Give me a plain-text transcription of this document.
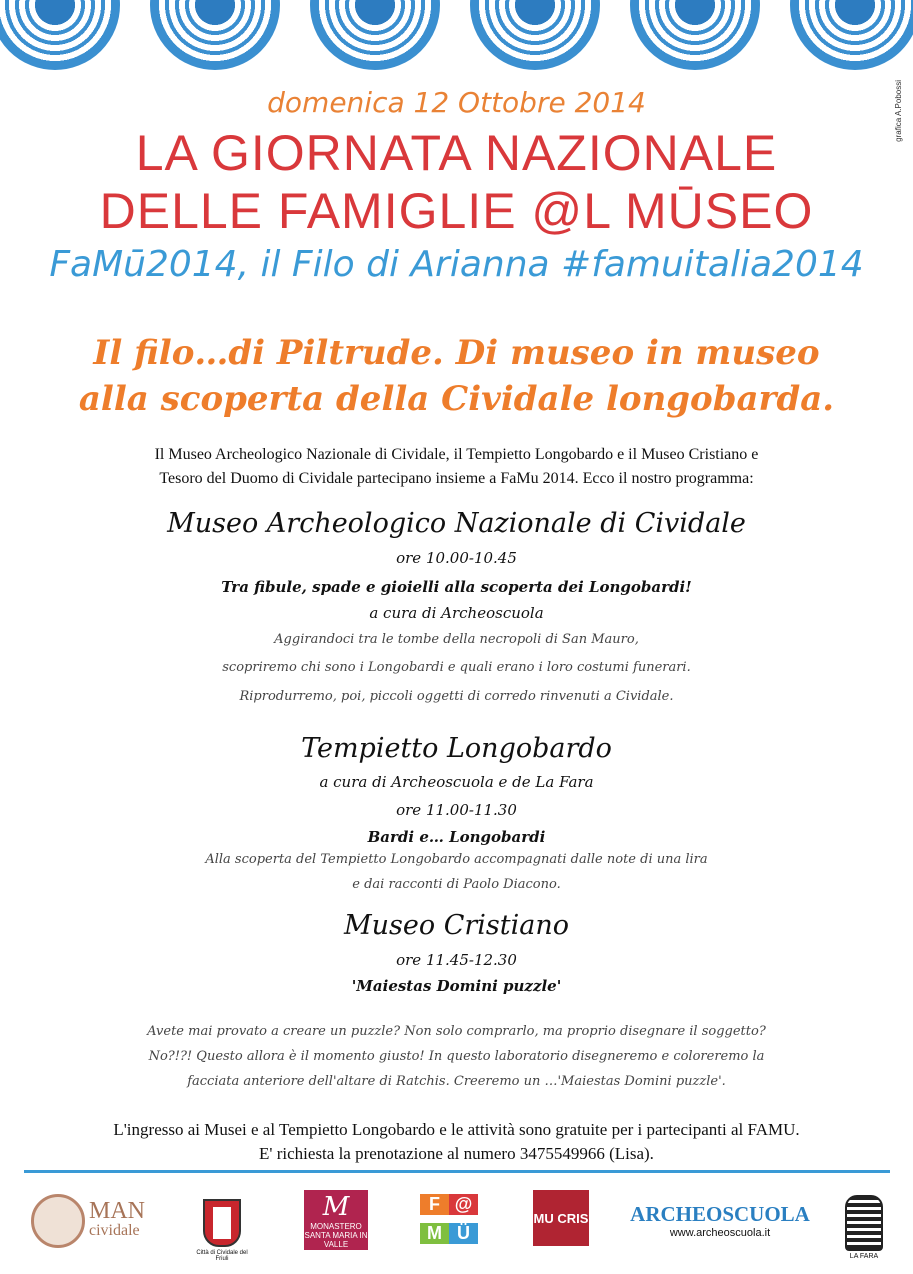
grafica A.Pobossi
domenica 12 Ottobre 2014
LA GIORNATA NAZIONALE
DELLE FAMIGLIE @L MŪSEO
FaMū2014, il Filo di Arianna #famuitalia2014
Il filo…di Piltrude. Di museo in museo
alla scoperta della Cividale longobarda.
Il Museo Archeologico Nazionale di Cividale, il Tempietto Longobardo e il Museo Cristiano e
Tesoro del Duomo di Cividale partecipano insieme a FaMu 2014. Ecco il nostro programma:
Museo Archeologico Nazionale di Cividale
ore 10.00-10.45
Tra fibule, spade e gioielli alla scoperta dei Longobardi!
a cura di Archeoscuola
Aggirandoci tra le tombe della necropoli di San Mauro,
scopriremo chi sono i Longobardi e quali erano i loro costumi funerari.
Riprodurremo, poi, piccoli oggetti di corredo rinvenuti a Cividale.
Tempietto Longobardo
a cura di Archeoscuola e de La Fara
ore 11.00-11.30
Bardi e… Longobardi
Alla scoperta del Tempietto Longobardo accompagnati dalle note di una lira
e dai racconti di Paolo Diacono.
Museo Cristiano
ore 11.45-12.30
'Maiestas Domini puzzle'
Avete mai provato a creare un puzzle? Non solo comprarlo, ma proprio disegnare il soggetto?
No?!?! Questo allora è il momento giusto! In questo laboratorio disegneremo e coloreremo la
facciata anteriore dell'altare di Ratchis. Creeremo un …'Maiestas Domini puzzle'.
L'ingresso ai Musei e al Tempietto Longobardo e le attività sono gratuite per i partecipanti al FAMU.
E' richiesta la prenotazione al numero 3475549966 (Lisa).
MAN
cividale
Città di Cividale del Friuli
M
MONASTERO SANTA MARIA IN VALLE
F @
M Ü
MU CRIS ARCHEOSCUOLA
www.archeoscuola.it
LA FARA
